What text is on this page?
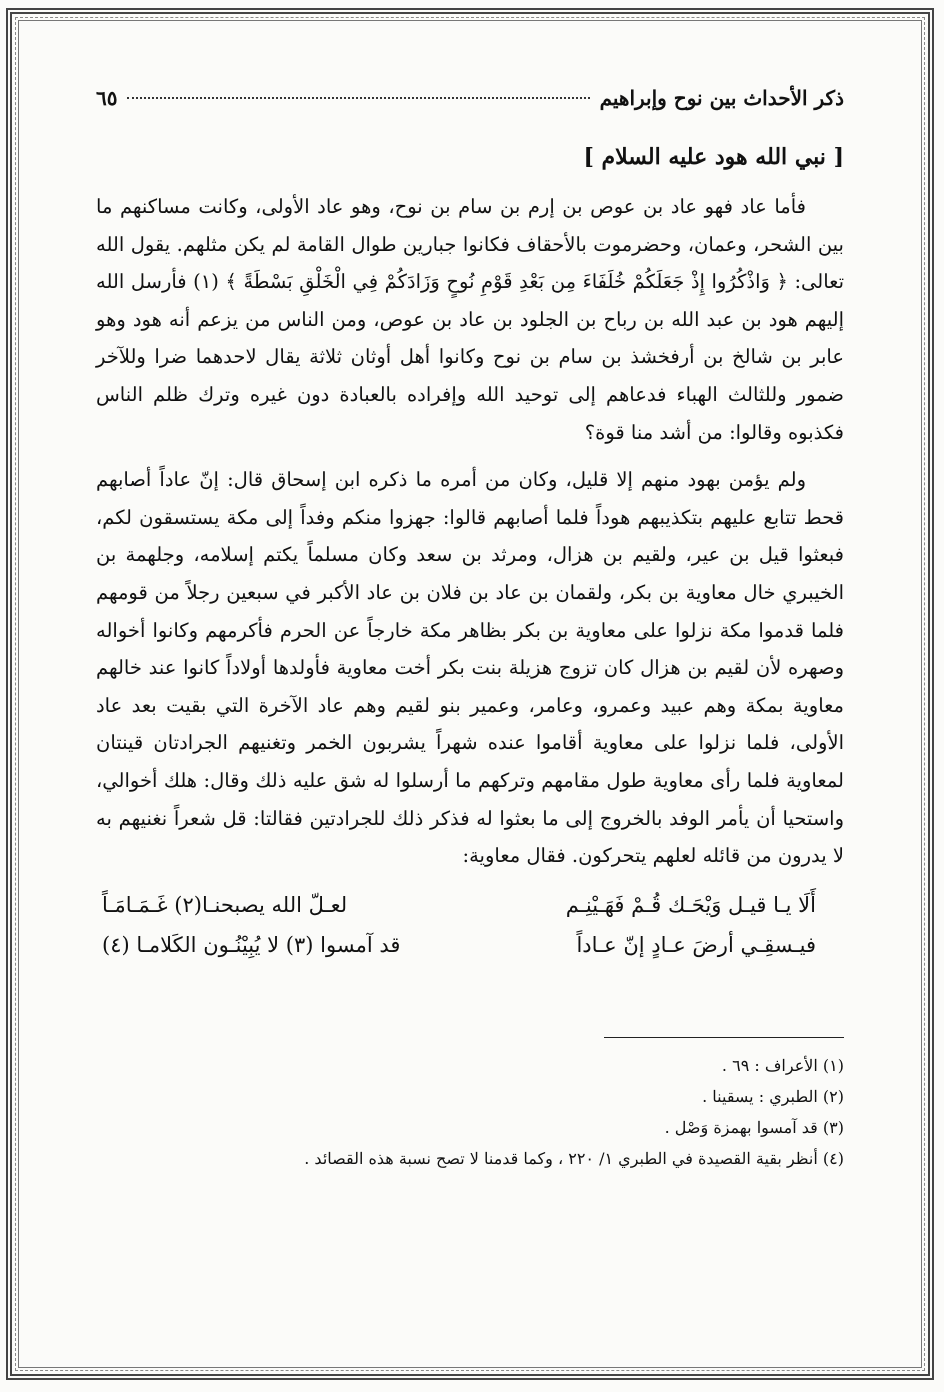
ذكر الأحداث بين نوح وإبراهيم
٦٥
[ نبي الله هود عليه السلام ]

فأما عاد فهو عاد بن عوص بن إرم بن سام بن نوح، وهو عاد الأولى، وكانت مساكنهم ما بين الشحر، وعمان، وحضرموت بالأحقاف فكانوا جبارين طوال القامة لم يكن مثلهم. يقول الله تعالى: ﴿ وَاذْكُرُوا إِذْ جَعَلَكُمْ خُلَفَاءَ مِن بَعْدِ قَوْمِ نُوحٍ وَزَادَكُمْ فِي الْخَلْقِ بَسْطَةً ﴾ (١) فأرسل الله إليهم هود بن عبد الله بن رباح بن الجلود بن عاد بن عوص، ومن الناس من يزعم أنه هود وهو عابر بن شالخ بن أرفخشذ بن سام بن نوح وكانوا أهل أوثان ثلاثة يقال لاحدهما ضرا وللآخر ضمور وللثالث الهباء فدعاهم إلى توحيد الله وإفراده بالعبادة دون غيره وترك ظلم الناس فكذبوه وقالوا: من أشد منا قوة؟

ولم يؤمن بهود منهم إلا قليل، وكان من أمره ما ذكره ابن إسحاق قال: إنّ عاداً أصابهم قحط تتابع عليهم بتكذيبهم هوداً فلما أصابهم قالوا: جهزوا منكم وفداً إلى مكة يستسقون لكم، فبعثوا قيل بن عير، ولقيم بن هزال، ومرثد بن سعد وكان مسلماً يكتم إسلامه، وجلهمة بن الخيبري خال معاوية بن بكر، ولقمان بن عاد بن فلان بن عاد الأكبر في سبعين رجلاً من قومهم فلما قدموا مكة نزلوا على معاوية بن بكر بظاهر مكة خارجاً عن الحرم فأكرمهم وكانوا أخواله وصهره لأن لقيم بن هزال كان تزوج هزيلة بنت بكر أخت معاوية فأولدها أولاداً كانوا عند خالهم معاوية بمكة وهم عبيد وعمرو، وعامر، وعمير بنو لقيم وهم عاد الآخرة التي بقيت بعد عاد الأولى، فلما نزلوا على معاوية أقاموا عنده شهراً يشربون الخمر وتغنيهم الجرادتان قينتان لمعاوية فلما رأى معاوية طول مقامهم وتركهم ما أرسلوا له شق عليه ذلك وقال: هلك أخوالي، واستحيا أن يأمر الوفد بالخروج إلى ما بعثوا له فذكر ذلك للجرادتين فقالتا: قل شعراً نغنيهم به لا يدرون من قائله لعلهم يتحركون. فقال معاوية:

أَلَا يـا قيـل وَيْحَـك قُـمْ فَهَـيْنِـم
لعـلّ الله يصبحنـا(٢) غَـمَـامَـاً
فيـسقِـي أرضَ عـادٍ إنّ عـاداً
قد آمسوا (٣) لا يُبِيْنُـون الكَلامـا (٤)
(١) الأعراف : ٦٩ .
(٢) الطبري : يسقينا .
(٣) قد آمسوا بهمزة وَصْل .
(٤) أنظر بقية القصيدة في الطبري ١/ ٢٢٠ ، وكما قدمنا لا تصح نسبة هذه القصائد .
